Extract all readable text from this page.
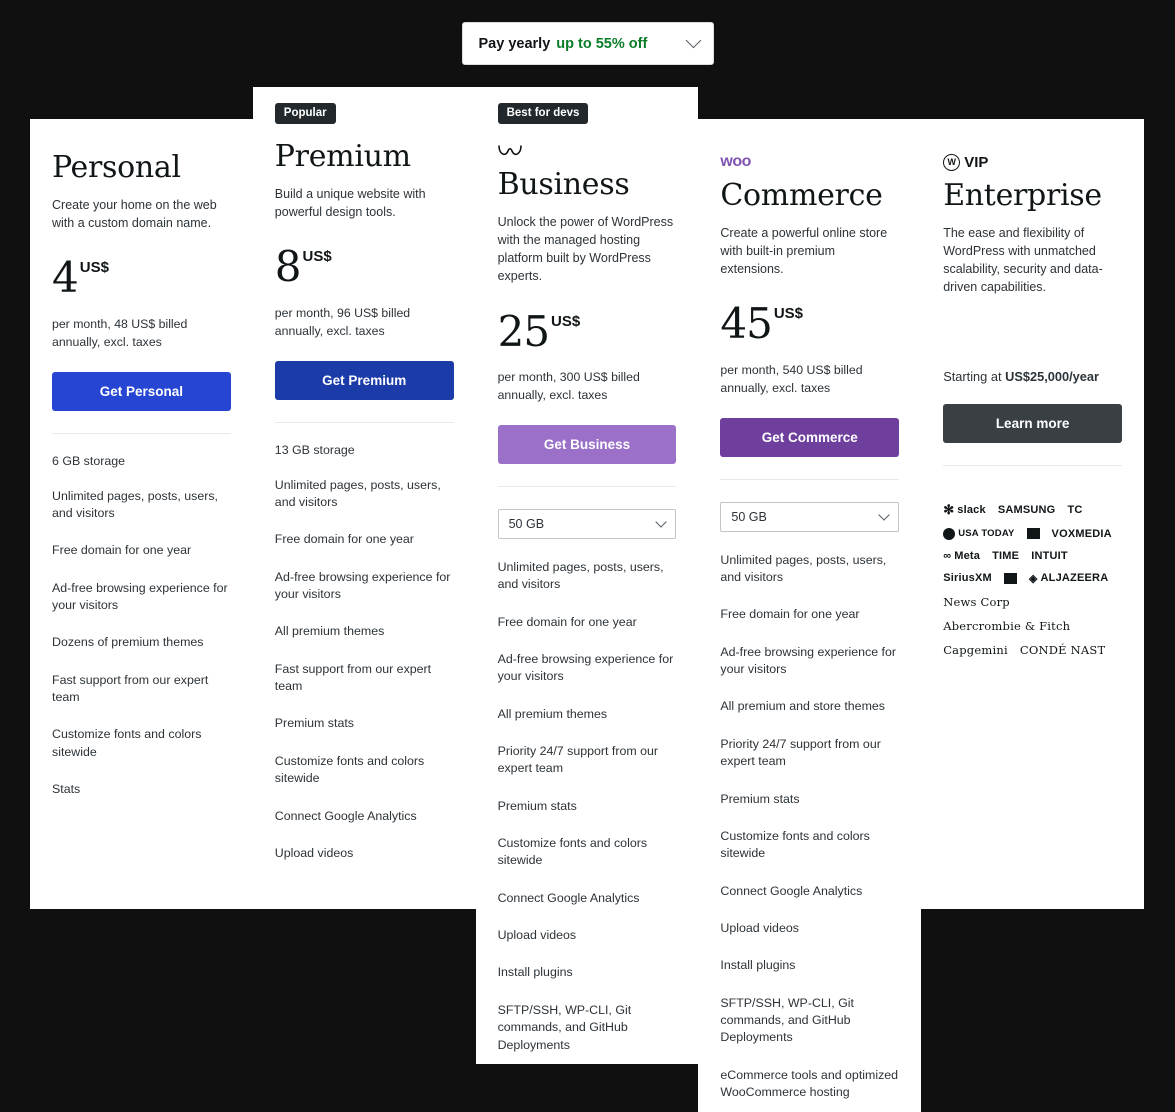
Pay yearly up to 55% off
Personal

Create your home on the web with a custom domain name.

4 US$

per month, 48 US$ billed annually, excl. taxes

Get Personal
6 GB storage
Unlimited pages, posts, users, and visitors
Free domain for one year
Ad-free browsing experience for your visitors
Dozens of premium themes
Fast support from our expert team
Customize fonts and colors sitewide
Stats
Popular
Premium

Build a unique website with powerful design tools.

8 US$

per month, 96 US$ billed annually, excl. taxes

Get Premium
13 GB storage
Unlimited pages, posts, users, and visitors
Free domain for one year
Ad-free browsing experience for your visitors
All premium themes
Fast support from our expert team
Premium stats
Customize fonts and colors sitewide
Connect Google Analytics
Upload videos
Best for devs
Business

Unlock the power of WordPress with the managed hosting platform built by WordPress experts.

25 US$

per month, 300 US$ billed annually, excl. taxes

Get Business
50 GB
Unlimited pages, posts, users, and visitors
Free domain for one year
Ad-free browsing experience for your visitors
All premium themes
Priority 24/7 support from our expert team
Premium stats
Customize fonts and colors sitewide
Connect Google Analytics
Upload videos
Install plugins
SFTP/SSH, WP-CLI, Git commands, and GitHub Deployments
woo
Commerce

Create a powerful online store with built-in premium extensions.

45 US$

per month, 540 US$ billed annually, excl. taxes

Get Commerce
50 GB
Unlimited pages, posts, users, and visitors
Free domain for one year
Ad-free browsing experience for your visitors
All premium and store themes
Priority 24/7 support from our expert team
Premium stats
Customize fonts and colors sitewide
Connect Google Analytics
Upload videos
Install plugins
SFTP/SSH, WP-CLI, Git commands, and GitHub Deployments
eCommerce tools and optimized WooCommerce hosting
W
VIP
Enterprise

The ease and flexibility of WordPress with unmatched scalability, security and data-driven capabilities.

Starting at US$25,000/year

Learn more
✻ slack SAMSUNG TC
USA TODAY	VOXMEDIA
∞ Meta TIME INTUIT
SiriusXM	◈ ALJAZEERA
News Corp
Abercrombie & Fitch
Capgemini CONDÉ NAST
